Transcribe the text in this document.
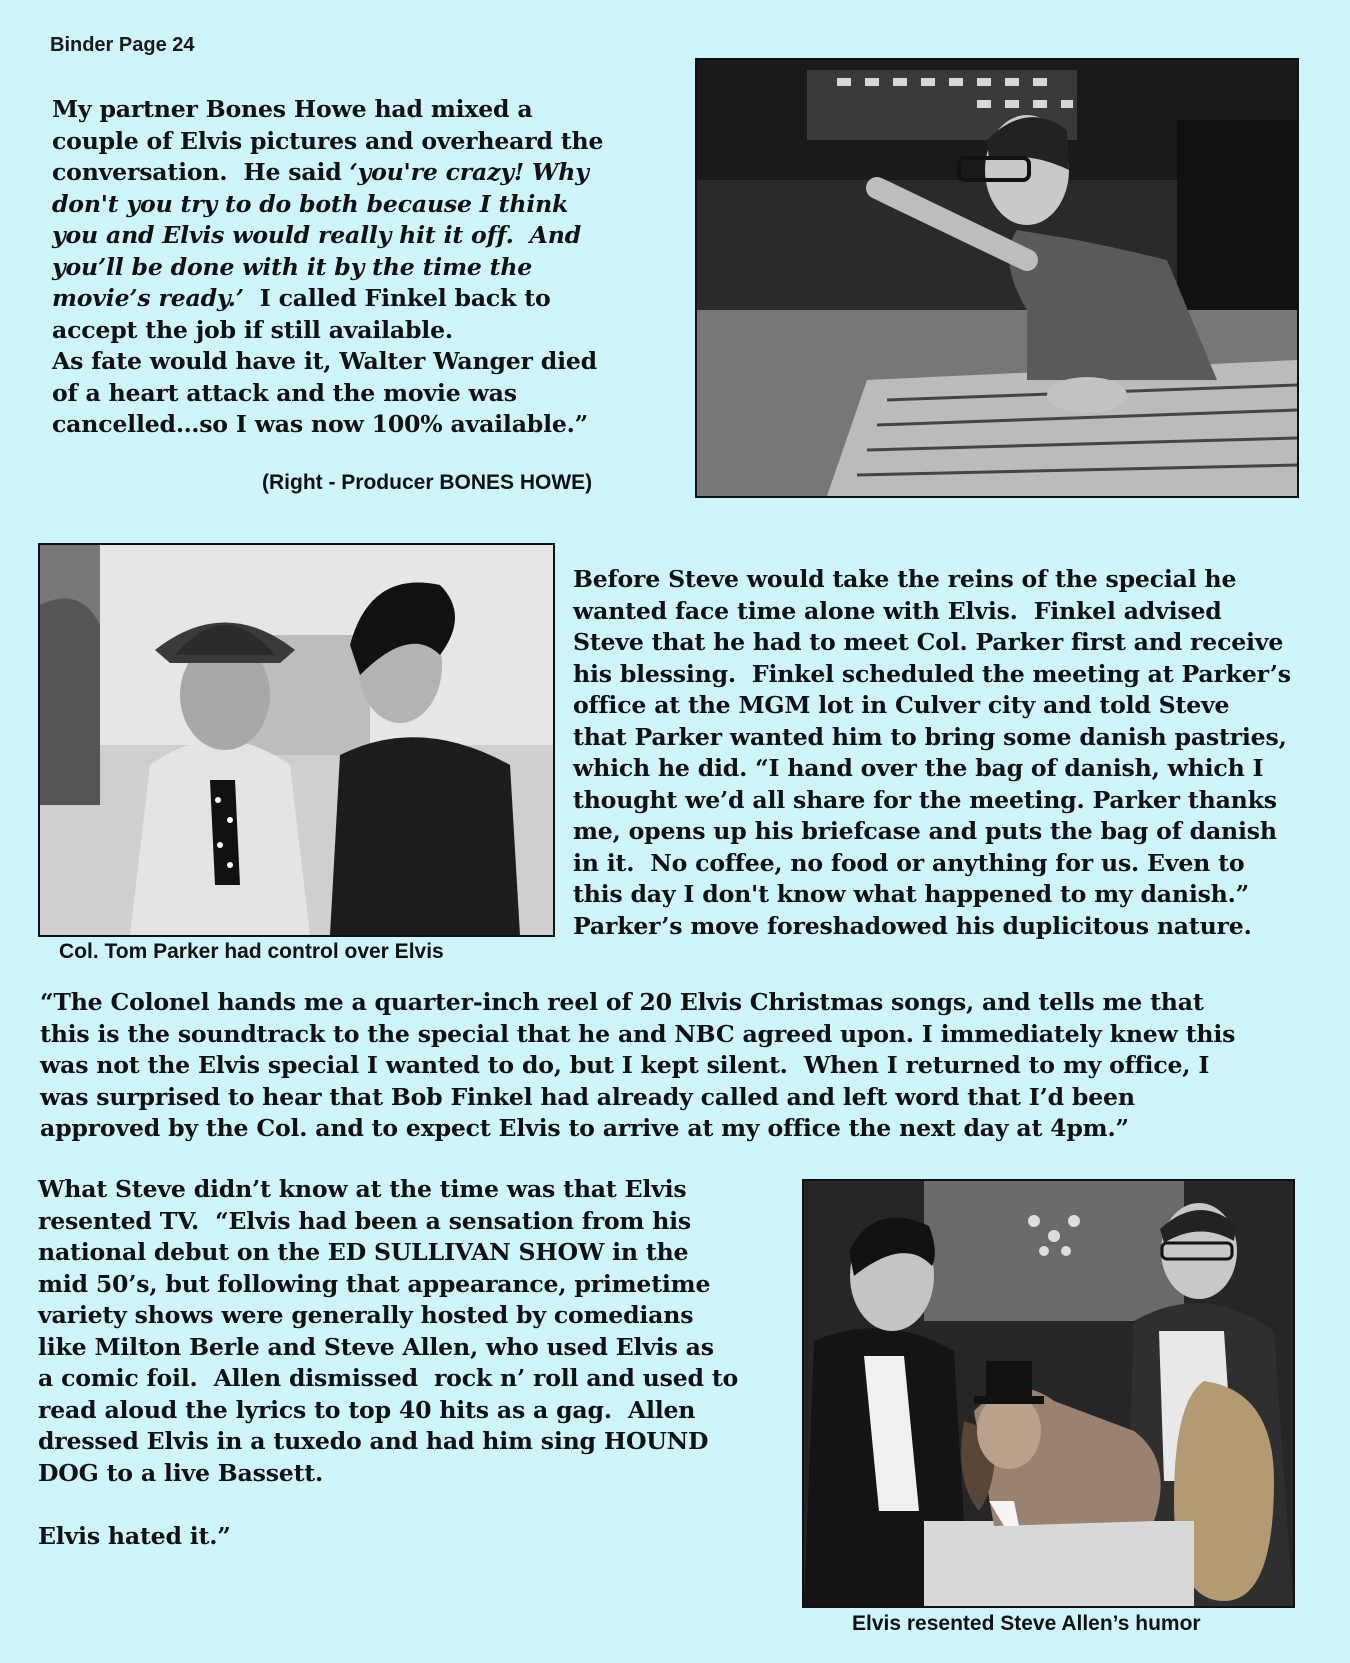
Binder Page 24
My partner Bones Howe had mixed a
couple of Elvis pictures and overheard the
conversation.  He said ‘you're crazy! Why
don't you try to do both because I think
you and Elvis would really hit it off.  And
you’ll be done with it by the time the
movie’s ready.’  I called Finkel back to
accept the job if still available.
As fate would have it, Walter Wanger died
of a heart attack and the movie was
cancelled…so I was now 100% available.”
(Right - Producer BONES HOWE)
Col. Tom Parker had control over Elvis
Before Steve would take the reins of the special he
wanted face time alone with Elvis.  Finkel advised
Steve that he had to meet Col. Parker first and receive
his blessing.  Finkel scheduled the meeting at Parker’s
office at the MGM lot in Culver city and told Steve
that Parker wanted him to bring some danish pastries,
which he did. “I hand over the bag of danish, which I
thought we’d all share for the meeting. Parker thanks
me, opens up his briefcase and puts the bag of danish
in it.  No coffee, no food or anything for us. Even to
this day I don't know what happened to my danish.”
Parker’s move foreshadowed his duplicitous nature.
“The Colonel hands me a quarter-inch reel of 20 Elvis Christmas songs, and tells me that
this is the soundtrack to the special that he and NBC agreed upon. I immediately knew this
was not the Elvis special I wanted to do, but I kept silent.  When I returned to my office, I
was surprised to hear that Bob Finkel had already called and left word that I’d been
approved by the Col. and to expect Elvis to arrive at my office the next day at 4pm.”
What Steve didn’t know at the time was that Elvis
resented TV.  “Elvis had been a sensation from his
national debut on the ED SULLIVAN SHOW in the
mid 50’s, but following that appearance, primetime
variety shows were generally hosted by comedians
like Milton Berle and Steve Allen, who used Elvis as
a comic foil.  Allen dismissed  rock n’ roll and used to
read aloud the lyrics to top 40 hits as a gag.  Allen
dressed Elvis in a tuxedo and had him sing HOUND
DOG to a live Bassett.

Elvis hated it.”
Elvis resented Steve Allen’s humor
